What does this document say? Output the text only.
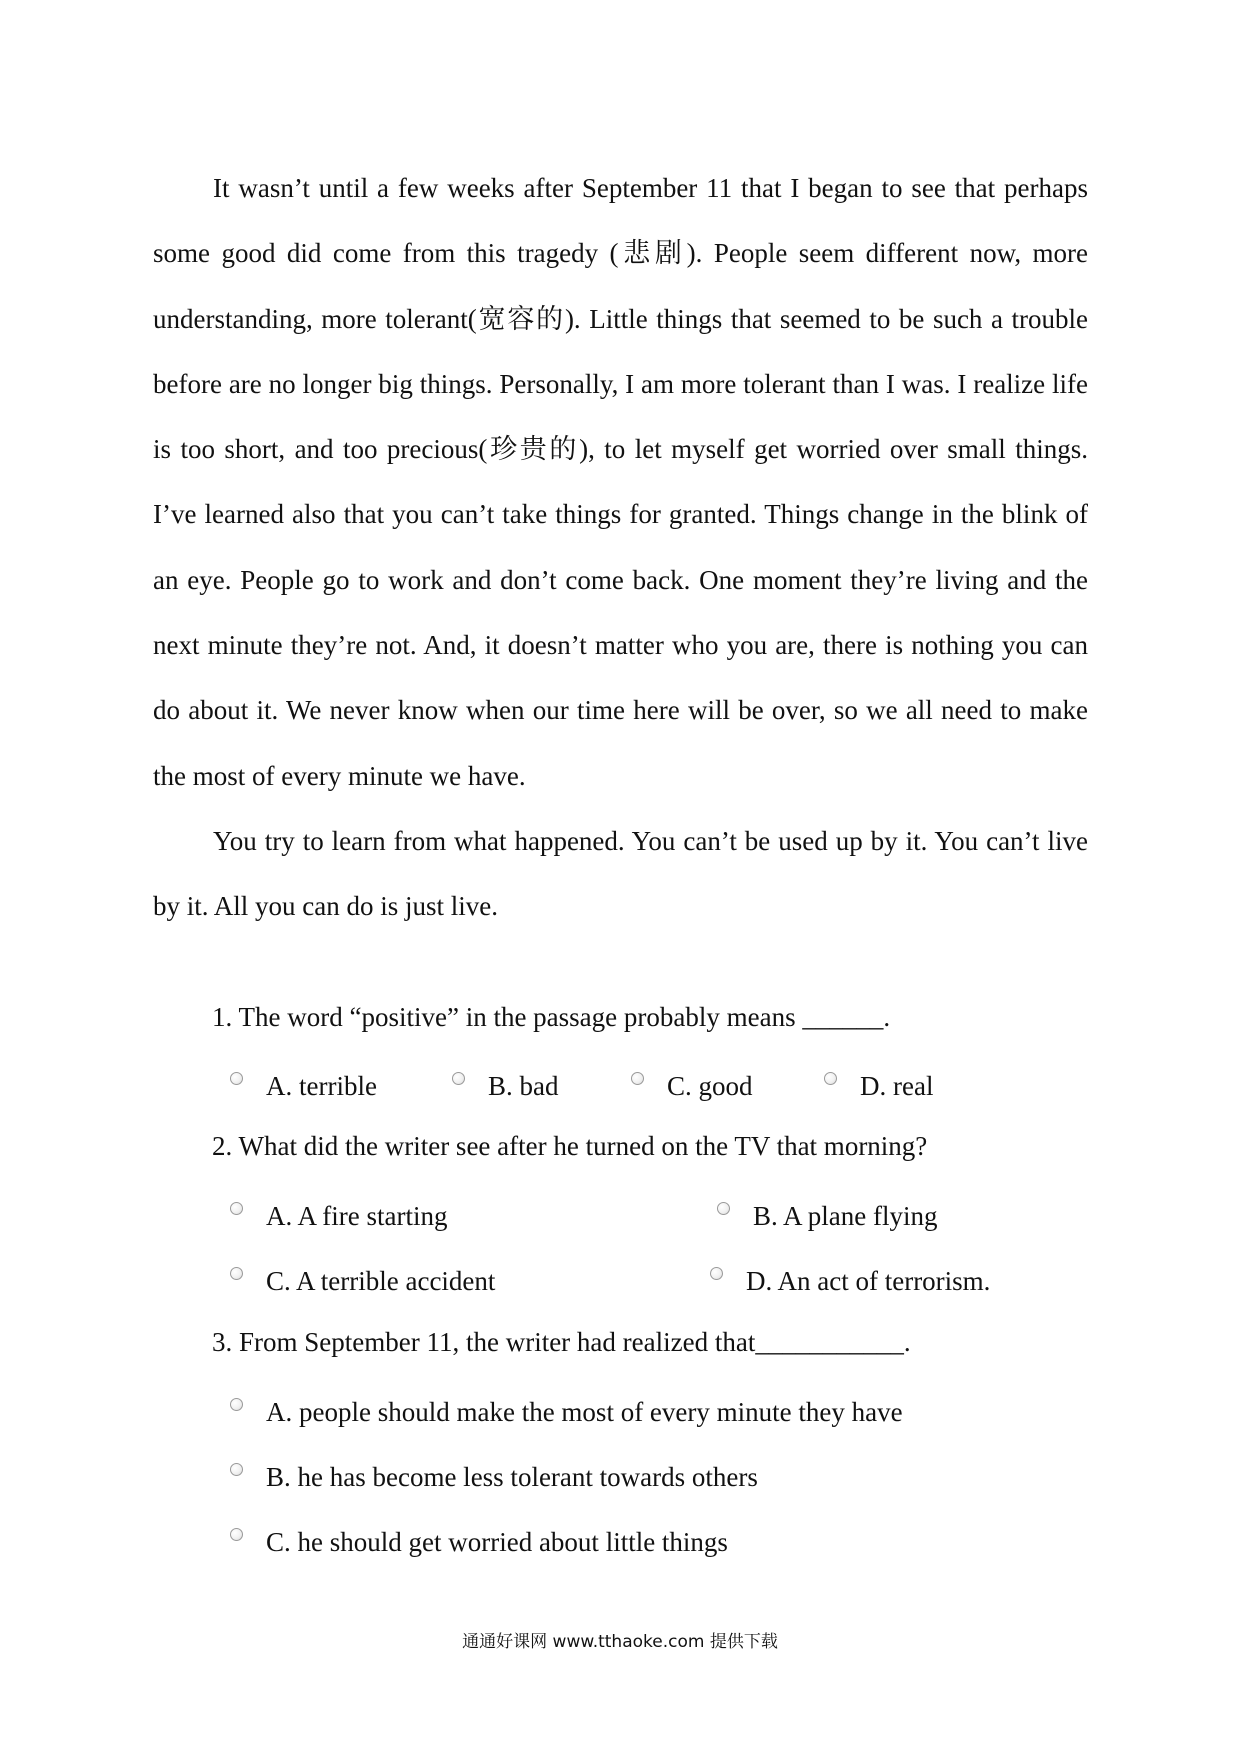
It wasn’t until a few weeks after September 11 that I began to see that perhaps some good did come from this tragedy (悲剧). People seem different now, more understanding, more tolerant(宽容的). Little things that seemed to be such a trouble before are no longer big things. Personally, I am more tolerant than I was. I realize life is too short, and too precious(珍贵的), to let myself get worried over small things. I’ve learned also that you can’t take things for granted. Things change in the blink of an eye. People go to work and don’t come back. One moment they’re living and the next minute they’re not. And, it doesn’t matter who you are, there is nothing you can do about it. We never know when our time here will be over, so we all need to make the most of every minute we have.

You try to learn from what happened. You can’t be used up by it. You can’t live by it. All you can do is just live.

1. The word “positive” in the passage probably means ______.
A. terrible	B. bad	C. good	D. real
2. What did the writer see after he turned on the TV that morning?
A. A fire starting	B. A plane flying
C. A terrible accident	D. An act of terrorism.
3. From September 11, the writer had realized that___________.
A. people should make the most of every minute they have
B. he has become less tolerant towards others
C. he should get worried about little things
通通好课网 www.tthaoke.com 提供下载
